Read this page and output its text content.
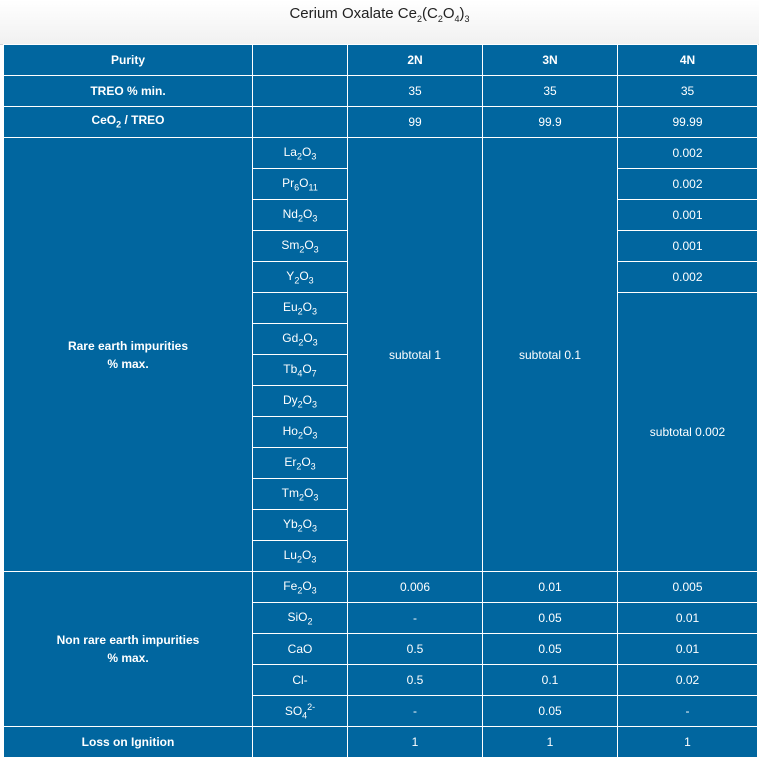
Cerium Oxalate $Ce_2(C_2O_4)_3$
Purity		2N	3N	4N
TREO % min.		35	35	35
CeO$_2$ / TREO		99	99.9	99.99
Rare earth impurities
% max.	$La_2O_3$	subtotal 1	subtotal 0.1	0.002
	$Pr_6O_{11}$			0.002
	$Nd_2O_3$			0.001
	$Sm_2O_3$			0.001
	$Y_2O_3$			0.002
	$Eu_2O_3$			subtotal 0.002
	$Gd_2O_3$
	$Tb_4O_7$
	$Dy_2O_3$
	$Ho_2O_3$
	$Er_2O_3$
	$Tm_2O_3$
	$Yb_2O_3$
	$Lu_2O_3$
Non rare earth impurities
% max.	$Fe_2O_3$	0.006	0.01	0.005
	SiO$_2$	-	0.05	0.01
	CaO	0.5	0.05	0.01
	Cl-	0.5	0.1	0.02
	$SO_4^{2-}$	-	0.05	-
Loss on Ignition		1	1	1
